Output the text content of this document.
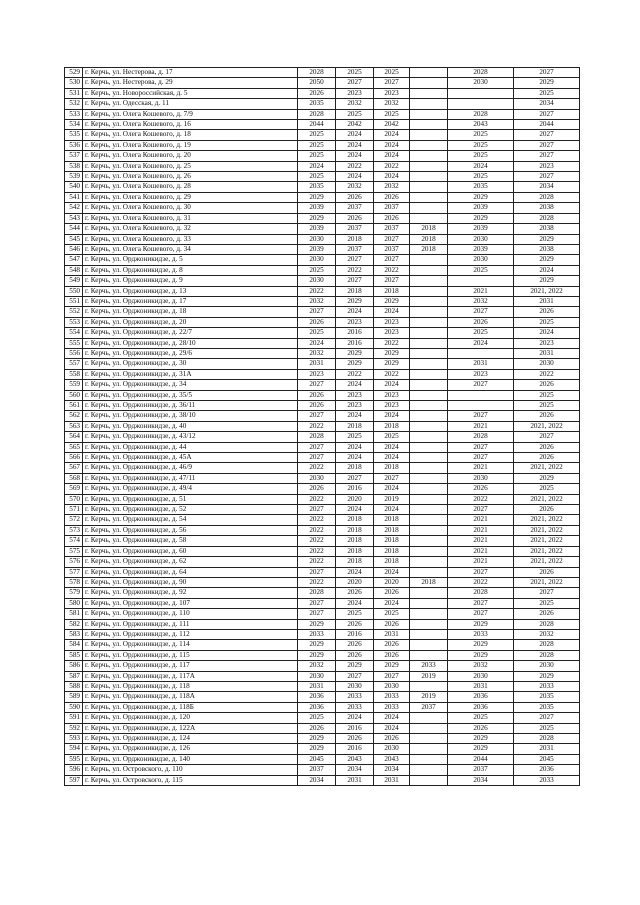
529	г. Керчь, ул. Нестерова, д. 17	2028	2025	2025		2028	2027
530	г. Керчь, ул. Нестерова, д. 29	2050	2027	2027		2030	2029
531	г. Керчь, ул. Новороссийская, д. 5	2026	2023	2023			2025
532	г. Керчь, ул. Одесская, д. 11	2035	2032	2032			2034
533	г. Керчь, ул. Олега Кошевого, д. 7/9	2028	2025	2025		2028	2027
534	г. Керчь, ул. Олега Кошевого, д. 16	2044	2042	2042		2043	2044
535	г. Керчь, ул. Олега Кошевого, д. 18	2025	2024	2024		2025	2027
536	г. Керчь, ул. Олега Кошевого, д. 19	2025	2024	2024		2025	2027
537	г. Керчь, ул. Олега Кошевого, д. 20	2025	2024	2024		2025	2027
538	г. Керчь, ул. Олега Кошевого, д. 25	2024	2022	2022		2024	2023
539	г. Керчь, ул. Олега Кошевого, д. 26	2025	2024	2024		2025	2027
540	г. Керчь, ул. Олега Кошевого, д. 28	2035	2032	2032		2035	2034
541	г. Керчь, ул. Олега Кошевого, д. 29	2029	2026	2026		2029	2028
542	г. Керчь, ул. Олега Кошевого, д. 30	2039	2037	2037		2039	2038
543	г. Керчь, ул. Олега Кошевого, д. 31	2029	2026	2026		2029	2028
544	г. Керчь, ул. Олега Кошевого, д. 32	2039	2037	2037	2018	2039	2038
545	г. Керчь, ул. Олега Кошевого, д. 33	2030	2018	2027	2018	2030	2029
546	г. Керчь, ул. Олега Кошевого, д. 34	2039	2037	2037	2018	2039	2038
547	г. Керчь, ул. Орджоникидзе, д. 5	2030	2027	2027		2030	2029
548	г. Керчь, ул. Орджоникидзе, д. 8	2025	2022	2022		2025	2024
549	г. Керчь, ул. Орджоникидзе, д. 9	2030	2027	2027			2029
550	г. Керчь, ул. Орджоникидзе, д. 13	2022	2018	2018		2021	2021, 2022
551	г. Керчь, ул. Орджоникидзе, д. 17	2032	2029	2029		2032	2031
552	г. Керчь, ул. Орджоникидзе, д. 18	2027	2024	2024		2027	2026
553	г. Керчь, ул. Орджоникидзе, д. 20	2026	2023	2023		2026	2025
554	г. Керчь, ул. Орджоникидзе, д. 22/7	2025	2016	2023		2025	2024
555	г. Керчь, ул. Орджоникидзе, д. 28/10	2024	2016	2022		2024	2023
556	г. Керчь, ул. Орджоникидзе, д. 29/6	2032	2029	2029			2031
557	г. Керчь, ул. Орджоникидзе, д. 30	2031	2029	2029		2031	2030
558	г. Керчь, ул. Орджоникидзе, д. 31А	2023	2022	2022		2023	2022
559	г. Керчь, ул. Орджоникидзе, д. 34	2027	2024	2024		2027	2026
560	г. Керчь, ул. Орджоникидзе, д. 35/5	2026	2023	2023			2025
561	г. Керчь, ул. Орджоникидзе, д. 36/11	2026	2023	2023			2025
562	г. Керчь, ул. Орджоникидзе, д. 38/10	2027	2024	2024		2027	2026
563	г. Керчь, ул. Орджоникидзе, д. 40	2022	2018	2018		2021	2021, 2022
564	г. Керчь, ул. Орджоникидзе, д. 43/12	2028	2025	2025		2028	2027
565	г. Керчь, ул. Орджоникидзе, д. 44	2027	2024	2024		2027	2026
566	г. Керчь, ул. Орджоникидзе, д. 45А	2027	2024	2024		2027	2026
567	г. Керчь, ул. Орджоникидзе, д. 46/9	2022	2018	2018		2021	2021, 2022
568	г. Керчь, ул. Орджоникидзе, д. 47/11	2030	2027	2027		2030	2029
569	г. Керчь, ул. Орджоникидзе, д. 49/4	2026	2016	2024		2026	2025
570	г. Керчь, ул. Орджоникидзе, д. 51	2022	2020	2019		2022	2021, 2022
571	г. Керчь, ул. Орджоникидзе, д. 52	2027	2024	2024		2027	2026
572	г. Керчь, ул. Орджоникидзе, д. 54	2022	2018	2018		2021	2021, 2022
573	г. Керчь, ул. Орджоникидзе, д. 56	2022	2018	2018		2021	2021, 2022
574	г. Керчь, ул. Орджоникидзе, д. 58	2022	2018	2018		2021	2021, 2022
575	г. Керчь, ул. Орджоникидзе, д. 60	2022	2018	2018		2021	2021, 2022
576	г. Керчь, ул. Орджоникидзе, д. 62	2022	2018	2018		2021	2021, 2022
577	г. Керчь, ул. Орджоникидзе, д. 64	2027	2024	2024		2027	2026
578	г. Керчь, ул. Орджоникидзе, д. 90	2022	2020	2020	2018	2022	2021, 2022
579	г. Керчь, ул. Орджоникидзе, д. 92	2028	2026	2026		2028	2027
580	г. Керчь, ул. Орджоникидзе, д. 107	2027	2024	2024		2027	2025
581	г. Керчь, ул. Орджоникидзе, д. 110	2027	2025	2025		2027	2026
582	г. Керчь, ул. Орджоникидзе, д. 111	2029	2026	2026		2029	2028
583	г. Керчь, ул. Орджоникидзе, д. 112	2033	2016	2031		2033	2032
584	г. Керчь, ул. Орджоникидзе, д. 114	2029	2026	2026		2029	2028
585	г. Керчь, ул. Орджоникидзе, д. 115	2029	2026	2026		2029	2028
586	г. Керчь, ул. Орджоникидзе, д. 117	2032	2029	2029	2033	2032	2030
587	г. Керчь, ул. Орджоникидзе, д. 117А	2030	2027	2027	2019	2030	2029
588	г. Керчь, ул. Орджоникидзе, д. 118	2031	2030	2030		2031	2033
589	г. Керчь, ул. Орджоникидзе, д. 118А	2036	2033	2033	2019	2036	2035
590	г. Керчь, ул. Орджоникидзе, д. 118Б	2036	2033	2033	2037	2036	2035
591	г. Керчь, ул. Орджоникидзе, д. 120	2025	2024	2024		2025	2027
592	г. Керчь, ул. Орджоникидзе, д. 122А	2026	2016	2024		2026	2025
593	г. Керчь, ул. Орджоникидзе, д. 124	2029	2026	2026		2029	2028
594	г. Керчь, ул. Орджоникидзе, д. 126	2029	2016	2030		2029	2031
595	г. Керчь, ул. Орджоникидзе, д. 140	2045	2043	2043		2044	2045
596	г. Керчь, ул. Островского, д. 110	2037	2034	2034		2037	2036
597	г. Керчь, ул. Островского, д. 115	2034	2031	2031		2034	2033
